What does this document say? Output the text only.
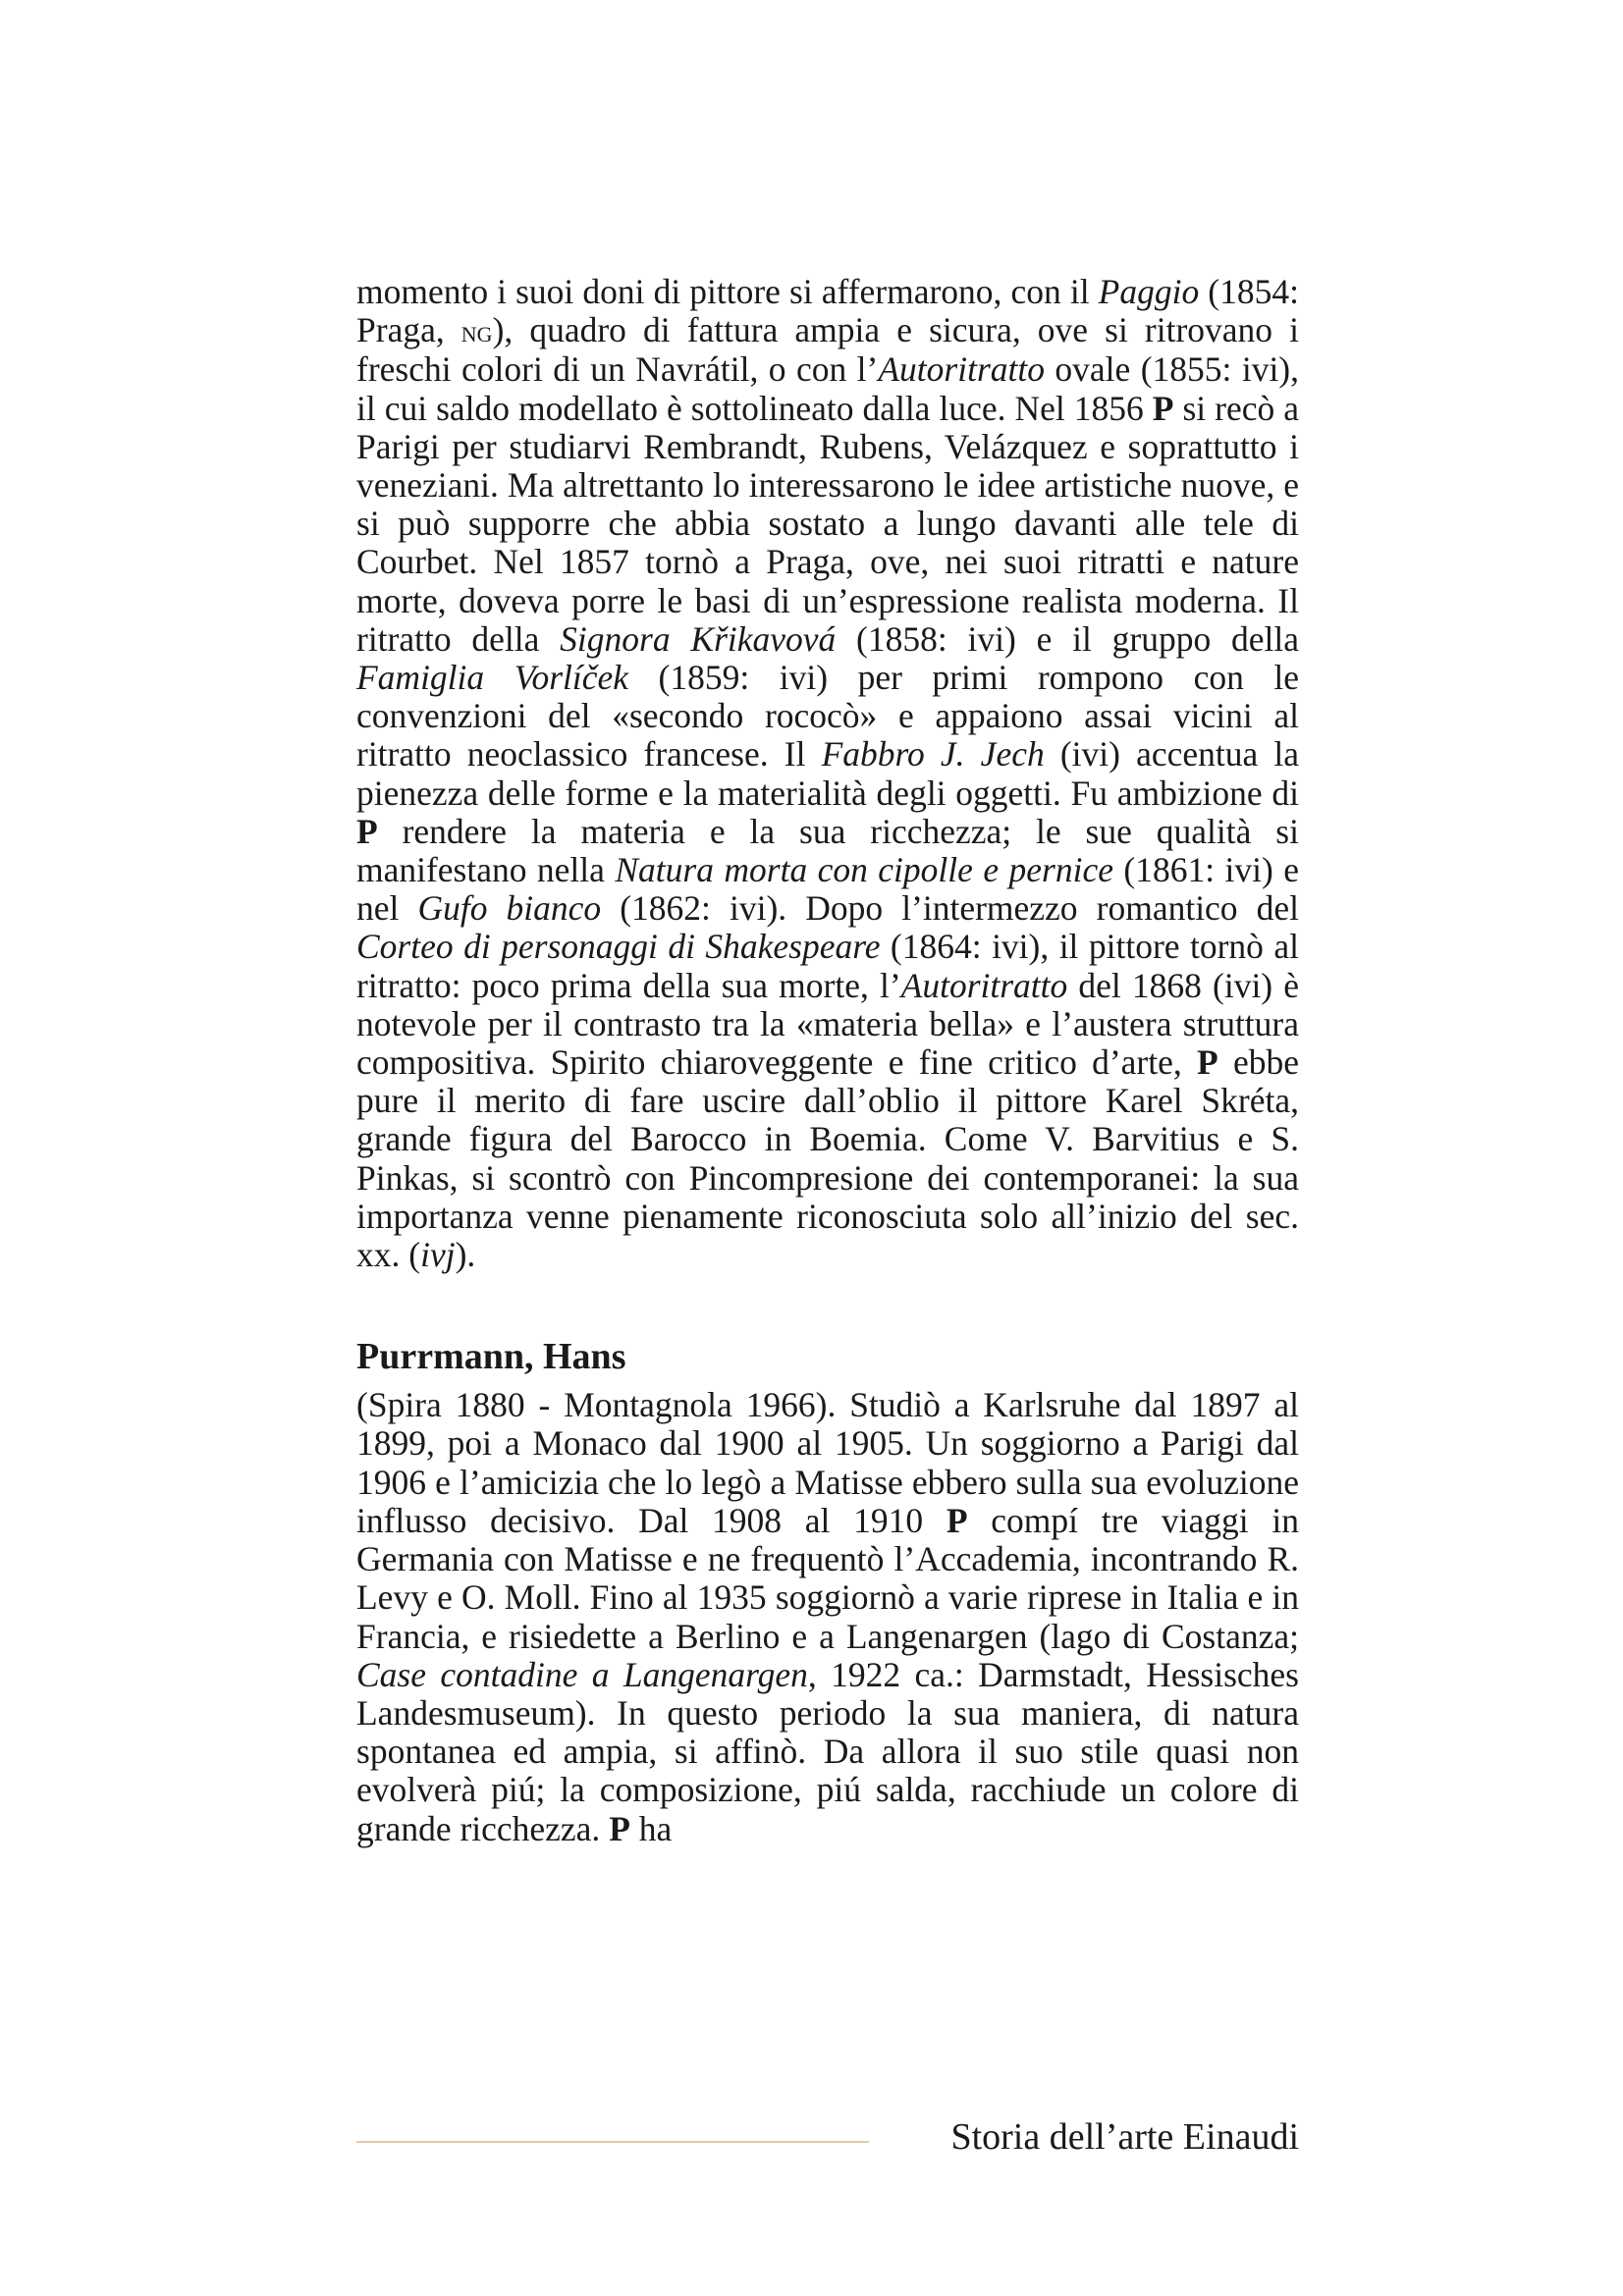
momento i suoi doni di pittore si affermarono, con il Paggio (1854: Praga, ng), quadro di fattura ampia e sicura, ove si ritrovano i freschi colori di un Navrátil, o con l’Autoritratto ovale (1855: ivi), il cui saldo modellato è sottolineato dalla luce. Nel 1856 P si recò a Parigi per studiarvi Rembrandt, Rubens, Velázquez e soprattutto i veneziani. Ma altrettanto lo interessarono le idee artistiche nuove, e si può supporre che abbia sostato a lungo davanti alle tele di Courbet. Nel 1857 tornò a Praga, ove, nei suoi ritratti e nature morte, doveva porre le basi di un’espressione realista moderna. Il ritratto della Signora Křikavová (1858: ivi) e il gruppo della Famiglia Vorlíček (1859: ivi) per primi rompono con le convenzioni del «secondo rococò» e appaiono assai vicini al ritratto neoclassico francese. Il Fabbro J. Jech (ivi) accentua la pienezza delle forme e la materialità degli oggetti. Fu ambizione di P rendere la materia e la sua ricchezza; le sue qualità si manifestano nella Natura morta con cipolle e pernice (1861: ivi) e nel Gufo bianco (1862: ivi). Dopo l’intermezzo romantico del Corteo di personaggi di Shakespeare (1864: ivi), il pittore tornò al ritratto: poco prima della sua morte, l’Autoritratto del 1868 (ivi) è notevole per il contrasto tra la «materia bella» e l’austera struttura compositiva. Spirito chiaroveggente e fine critico d’arte, P ebbe pure il merito di fare uscire dall’oblio il pittore Karel Skréta, grande figura del Barocco in Boemia. Come V. Barvitius e S. Pinkas, si scontrò con Pincompresione dei contemporanei: la sua importanza venne pienamente riconosciuta solo all’inizio del sec. xx. (ivj).

Purrmann, Hans

(Spira 1880 - Montagnola 1966). Studiò a Karlsruhe dal 1897 al 1899, poi a Monaco dal 1900 al 1905. Un soggiorno a Parigi dal 1906 e l’amicizia che lo legò a Matisse ebbero sulla sua evoluzione influsso decisivo. Dal 1908 al 1910 P compí tre viaggi in Germania con Matisse e ne frequentò l’Accademia, incontrando R. Levy e O. Moll. Fino al 1935 soggiornò a varie riprese in Italia e in Francia, e risiedette a Berlino e a Langenargen (lago di Costanza; Case contadine a Langenargen, 1922 ca.: Darmstadt, Hessisches Landesmuseum). In questo periodo la sua maniera, di natura spontanea ed ampia, si affinò. Da allora il suo stile quasi non evolverà piú; la composizione, piú salda, racchiude un colore di grande ricchezza. P ha

Storia dell’arte Einaudi
